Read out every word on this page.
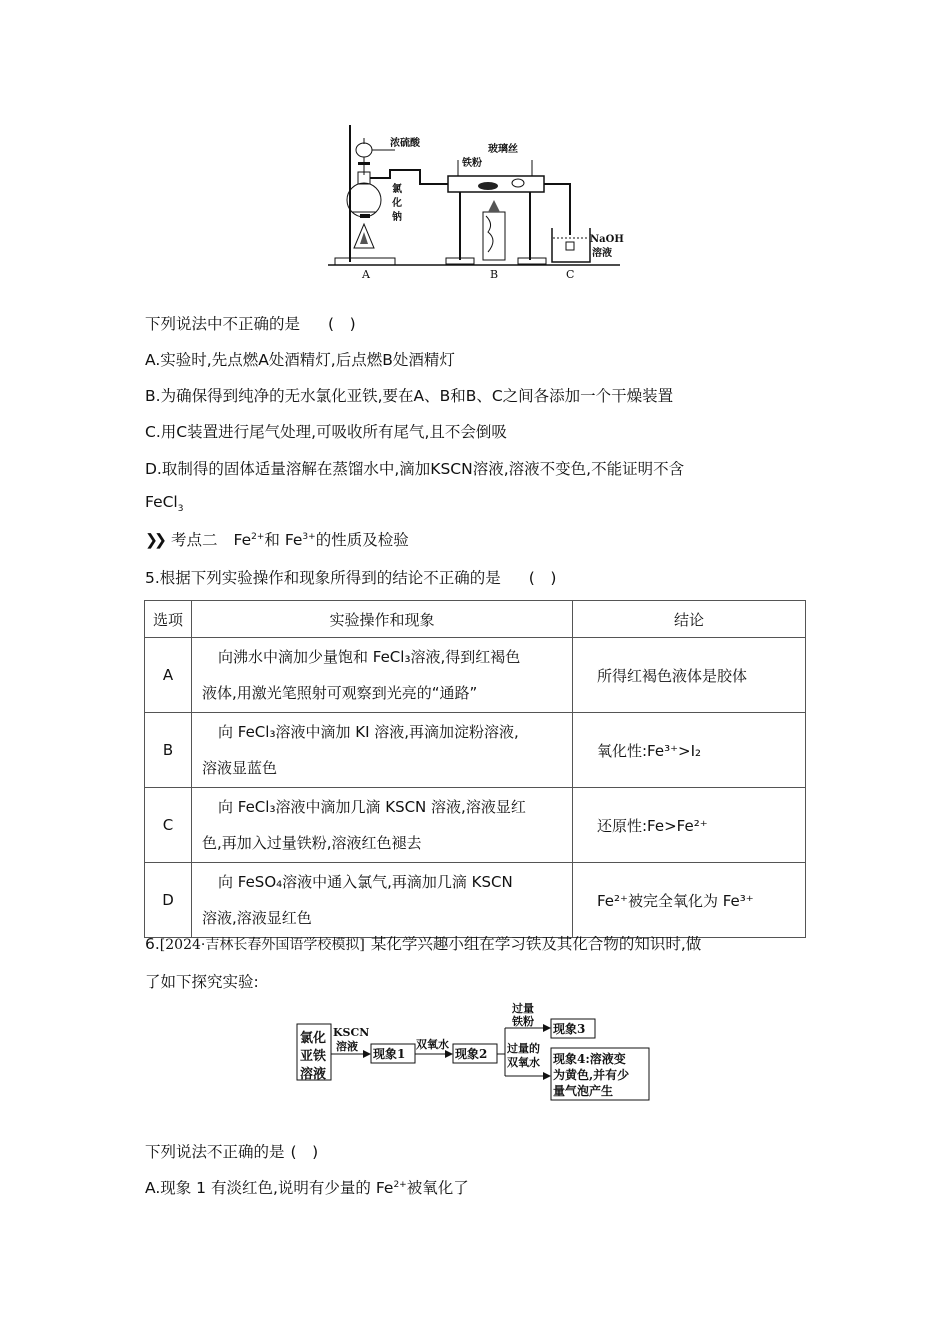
浓硫酸
玻璃丝
铁粉
氯
化
钠
NaOH
溶液
A	B	C
下列说法中不正确的是 (　)
A.实验时,先点燃A处酒精灯,后点燃B处酒精灯
B.为确保得到纯净的无水氯化亚铁,要在A、B和B、C之间各添加一个干燥装置
C.用C装置进行尾气处理,可吸收所有尾气,且不会倒吸
D.取制得的固体适量溶解在蒸馏水中,滴加KSCN溶液,溶液不变色,不能证明不含
FeCl$_3$
❯❯ 考点二 $Fe^{2+}$和 $Fe^{3+}$的性质及检验
5.根据下列实验操作和现象所得到的结论不正确的是 (　)
选项	实验操作和现象	结论
A	向沸水中滴加少量饱和 FeCl₃溶液,得到红褐色
液体,用激光笔照射可观察到光亮的“通路”	所得红褐色液体是胶体
B	向 FeCl₃溶液中滴加 KI 溶液,再滴加淀粉溶液,
溶液显蓝色	氧化性:Fe³⁺>I₂
C	向 FeCl₃溶液中滴加几滴 KSCN 溶液,溶液显红
色,再加入过量铁粉,溶液红色褪去	还原性:Fe>Fe²⁺
D	向 FeSO₄溶液中通入氯气,再滴加几滴 KSCN
溶液,溶液显红色	Fe²⁺被完全氧化为 Fe³⁺
6.[2024·吉林长春外国语学校模拟] 某化学兴趣小组在学习铁及其化合物的知识时,做
了如下探究实验:
氯化
亚铁
溶液
KSCN
溶液
现象1
双氧水
现象2
过量
铁粉
过量的
双氧水
现象3
现象4:溶液变
为黄色,并有少
量气泡产生
下列说法不正确的是 (　)
A.现象 1 有淡红色,说明有少量的 $Fe^{2+}$被氧化了
